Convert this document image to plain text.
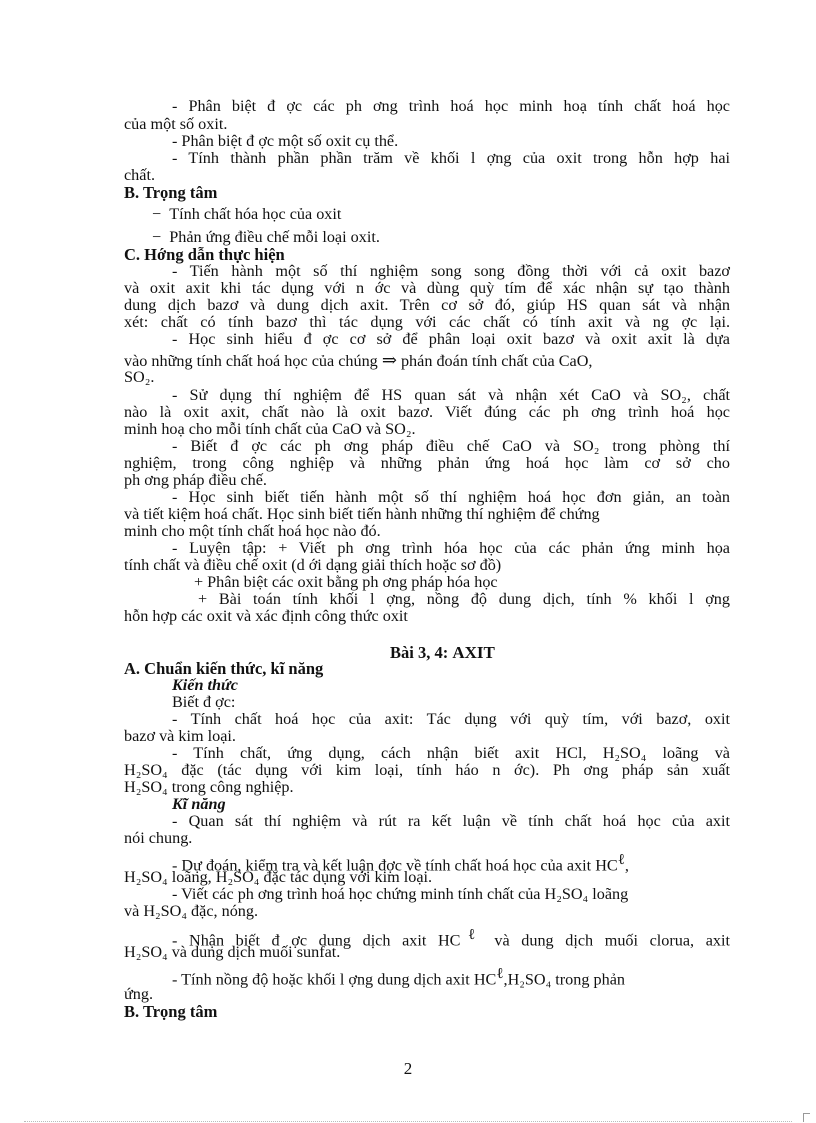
- Phân biệt đ ợc các ph ơng trình hoá học minh hoạ tính chất hoá học
của một số oxit.
- Phân biệt đ ợc một số oxit cụ thể.
- Tính thành phần phần trăm về khối l ợng của oxit trong hỗn hợp hai
chất.
B. Trọng tâm
− Tính chất hóa học của oxit
− Phản ứng điều chế mỗi loại oxit.
C. Hớng dẫn thực hiện
- Tiến hành một số thí nghiệm song song đồng thời với cả oxit bazơ
và oxit axit khi tác dụng với n ớc và dùng quỳ tím để xác nhận sự tạo thành
dung dịch bazơ và dung dịch axit. Trên cơ sở đó, giúp HS quan sát và nhận
xét: chất có tính bazơ thì tác dụng với các chất có tính axit và ng ợc lại.
- Học sinh hiểu đ ợc cơ sở để phân loại oxit bazơ và oxit axit là dựa
vào những tính chất hoá học của chúng ⇒ phán đoán tính chất của CaO,
SO₂.
- Sử dụng thí nghiệm để HS quan sát và nhận xét CaO và SO₂, chất
nào là oxit axit, chất nào là oxit bazơ. Viết đúng các ph ơng trình hoá học
minh hoạ cho mỗi tính chất của CaO và SO₂.
- Biết đ ợc các ph ơng pháp điều chế CaO và SO₂ trong phòng thí
nghiệm, trong công nghiệp và những phản ứng hoá học làm cơ sở cho
ph ơng pháp điều chế.
- Học sinh biết tiến hành một số thí nghiệm hoá học đơn giản, an toàn
và tiết kiệm hoá chất. Học sinh biết tiến hành những thí nghiệm để chứng
minh cho một tính chất hoá học nào đó.
- Luyện tập: + Viết ph ơng trình hóa học của các phản ứng minh họa
tính chất và điều chế oxit (d ới dạng giải thích hoặc sơ đồ)
+ Phân biệt các oxit bằng ph ơng pháp hóa học
+ Bài toán tính khối l ợng, nồng độ dung dịch, tính % khối l ợng
hỗn hợp các oxit và xác định công thức oxit
Bài 3, 4: AXIT
A. Chuẩn kiến thức, kĩ năng
Kiến thức
Biết đ ợc:
- Tính chất hoá học của axit: Tác dụng với quỳ tím, với bazơ, oxit
bazơ và kim loại.
- Tính chất, ứng dụng, cách nhận biết axit HCl, H₂SO₄ loãng và
H₂SO₄ đặc (tác dụng với kim loại, tính háo n ớc). Ph ơng pháp sản xuất
H₂SO₄ trong công nghiệp.
Kĩ năng
- Quan sát thí nghiệm và rút ra kết luận về tính chất hoá học của axit
nói chung.
- Dự đoán, kiểm tra và kết luận đợc về tính chất hoá học của axit $HC^\ell$,
H₂SO₄ loãng, H₂SO₄ đặc tác dụng với kim loại.
- Viết các ph ơng trình hoá học chứng minh tính chất của H₂SO₄ loãng
và H₂SO₄ đặc, nóng.
- Nhận biết đ ợc dung dịch axit $HC^\ell$ và dung dịch muối clorua, axit
H₂SO₄ và dung dịch muối sunfat.
- Tính nồng độ hoặc khối l ợng dung dịch axit $HC^\ell,H_2SO_4$ trong phản
ứng.
B. Trọng tâm
2
